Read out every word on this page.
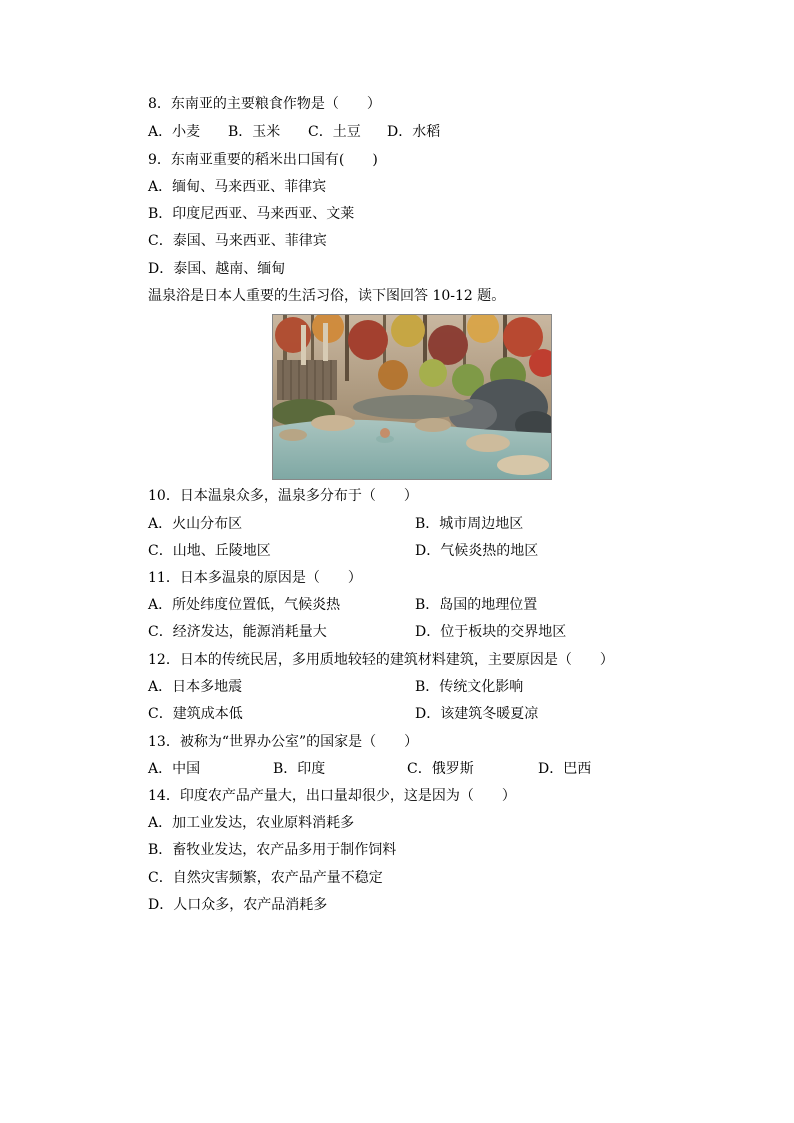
8．东南亚的主要粮食作物是（　　）
A．小麦 B．玉米 C．土豆 D．水稻
9．东南亚重要的稻米出口国有(　　)
A．缅甸、马来西亚、菲律宾
B．印度尼西亚、马来西亚、文莱
C．泰国、马来西亚、菲律宾
D．泰国、越南、缅甸
温泉浴是日本人重要的生活习俗，读下图回答 10-12 题。
10．日本温泉众多，温泉多分布于（　　）
A．火山分布区	B．城市周边地区
C．山地、丘陵地区	D．气候炎热的地区
11．日本多温泉的原因是（　　）
A．所处纬度位置低，气候炎热	B．岛国的地理位置
C．经济发达，能源消耗量大	D．位于板块的交界地区
12．日本的传统民居，多用质地较轻的建筑材料建筑，主要原因是（　　）
A．日本多地震	B．传统文化影响
C．建筑成本低	D．该建筑冬暖夏凉
13．被称为“世界办公室”的国家是（　　）
A．中国	B．印度	C．俄罗斯	D．巴西
14．印度农产品产量大，出口量却很少，这是因为（　　）
A．加工业发达，农业原料消耗多
B．畜牧业发达，农产品多用于制作饲料
C．自然灾害频繁，农产品产量不稳定
D．人口众多，农产品消耗多
